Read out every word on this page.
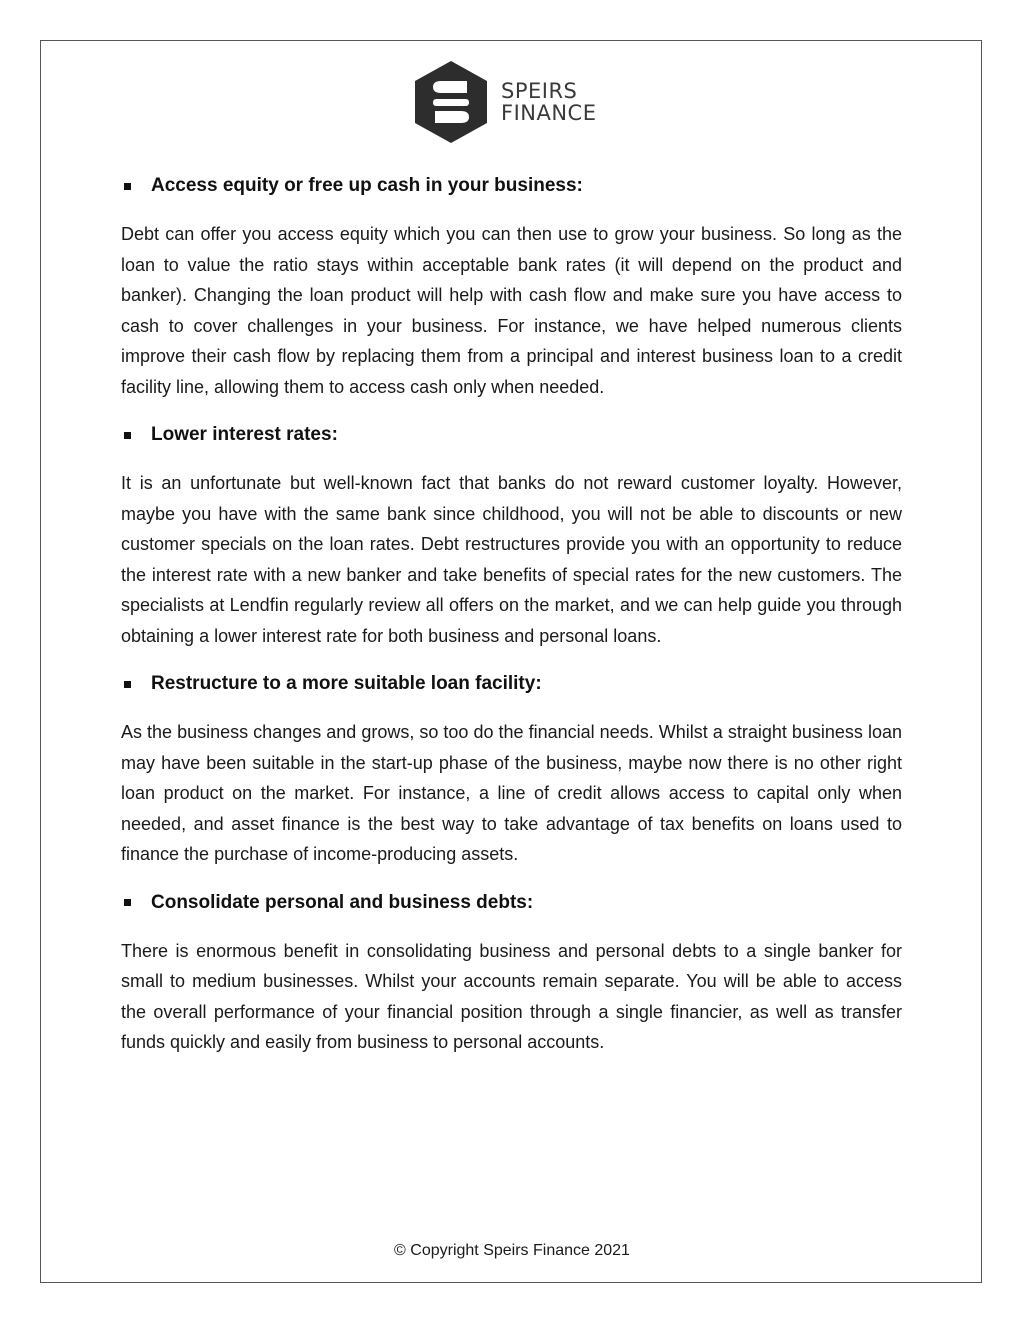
SPEIRS
FINANCE
Access equity or free up cash in your business:

Debt can offer you access equity which you can then use to grow your business. So long as the loan to value the ratio stays within acceptable bank rates (it will depend on the product and banker). Changing the loan product will help with cash flow and make sure you have access to cash to cover challenges in your business. For instance, we have helped numerous clients improve their cash flow by replacing them from a principal and interest business loan to a credit facility line, allowing them to access cash only when needed.

Lower interest rates:

It is an unfortunate but well-known fact that banks do not reward customer loyalty. However, maybe you have with the same bank since childhood, you will not be able to discounts or new customer specials on the loan rates. Debt restructures provide you with an opportunity to reduce the interest rate with a new banker and take benefits of special rates for the new customers. The specialists at Lendfin regularly review all offers on the market, and we can help guide you through obtaining a lower interest rate for both business and personal loans.

Restructure to a more suitable loan facility:

As the business changes and grows, so too do the financial needs. Whilst a straight business loan may have been suitable in the start-up phase of the business, maybe now there is no other right loan product on the market. For instance, a line of credit allows access to capital only when needed, and asset finance is the best way to take advantage of tax benefits on loans used to finance the purchase of income-producing assets.

Consolidate personal and business debts:

There is enormous benefit in consolidating business and personal debts to a single banker for small to medium businesses. Whilst your accounts remain separate. You will be able to access the overall performance of your financial position through a single financier, as well as transfer funds quickly and easily from business to personal accounts.

© Copyright Speirs Finance 2021
